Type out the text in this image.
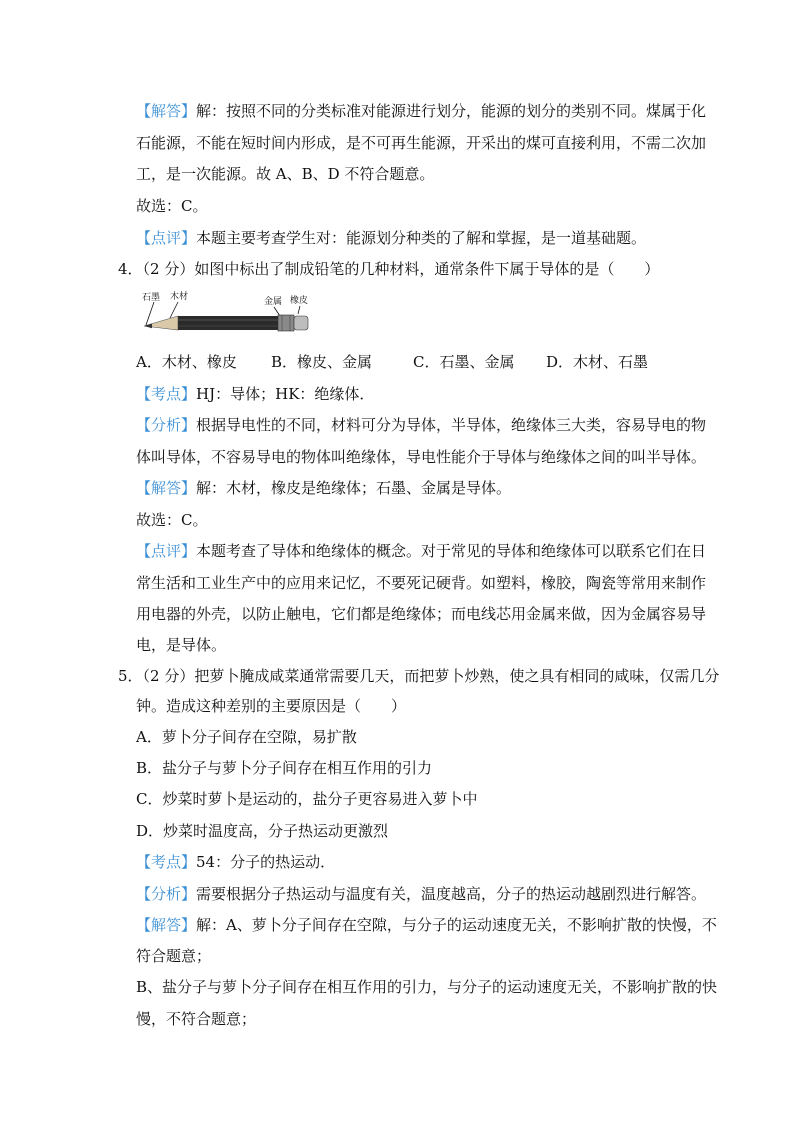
【解答】解：按照不同的分类标准对能源进行划分，能源的划分的类别不同。煤属于化
石能源，不能在短时间内形成，是不可再生能源，开采出的煤可直接利用，不需二次加
工，是一次能源。故 A、B、D 不符合题意。
故选：C。
【点评】本题主要考查学生对：能源划分种类的了解和掌握，是一道基础题。
4．（2 分）如图中标出了制成铅笔的几种材料，通常条件下属于导体的是（　　）
石墨 木材	金属 橡皮
A．木材、橡皮 B．橡皮、金属	C．石墨、金属 D．木材、石墨
【考点】HJ：导体；HK：绝缘体．
【分析】根据导电性的不同，材料可分为导体，半导体，绝缘体三大类，容易导电的物
体叫导体，不容易导电的物体叫绝缘体，导电性能介于导体与绝缘体之间的叫半导体。
【解答】解：木材，橡皮是绝缘体；石墨、金属是导体。
故选：C。
【点评】本题考查了导体和绝缘体的概念。对于常见的导体和绝缘体可以联系它们在日
常生活和工业生产中的应用来记忆，不要死记硬背。如塑料，橡胶，陶瓷等常用来制作
用电器的外壳，以防止触电，它们都是绝缘体；而电线芯用金属来做，因为金属容易导
电，是导体。
5．（2 分）把萝卜腌成咸菜通常需要几天，而把萝卜炒熟，使之具有相同的咸味，仅需几分
钟。造成这种差别的主要原因是（　　）
A．萝卜分子间存在空隙，易扩散
B．盐分子与萝卜分子间存在相互作用的引力
C．炒菜时萝卜是运动的，盐分子更容易进入萝卜中
D．炒菜时温度高，分子热运动更激烈
【考点】54：分子的热运动．
【分析】需要根据分子热运动与温度有关，温度越高，分子的热运动越剧烈进行解答。
【解答】解：A、萝卜分子间存在空隙，与分子的运动速度无关，不影响扩散的快慢，不
符合题意；
B、盐分子与萝卜分子间存在相互作用的引力，与分子的运动速度无关，不影响扩散的快
慢，不符合题意；
